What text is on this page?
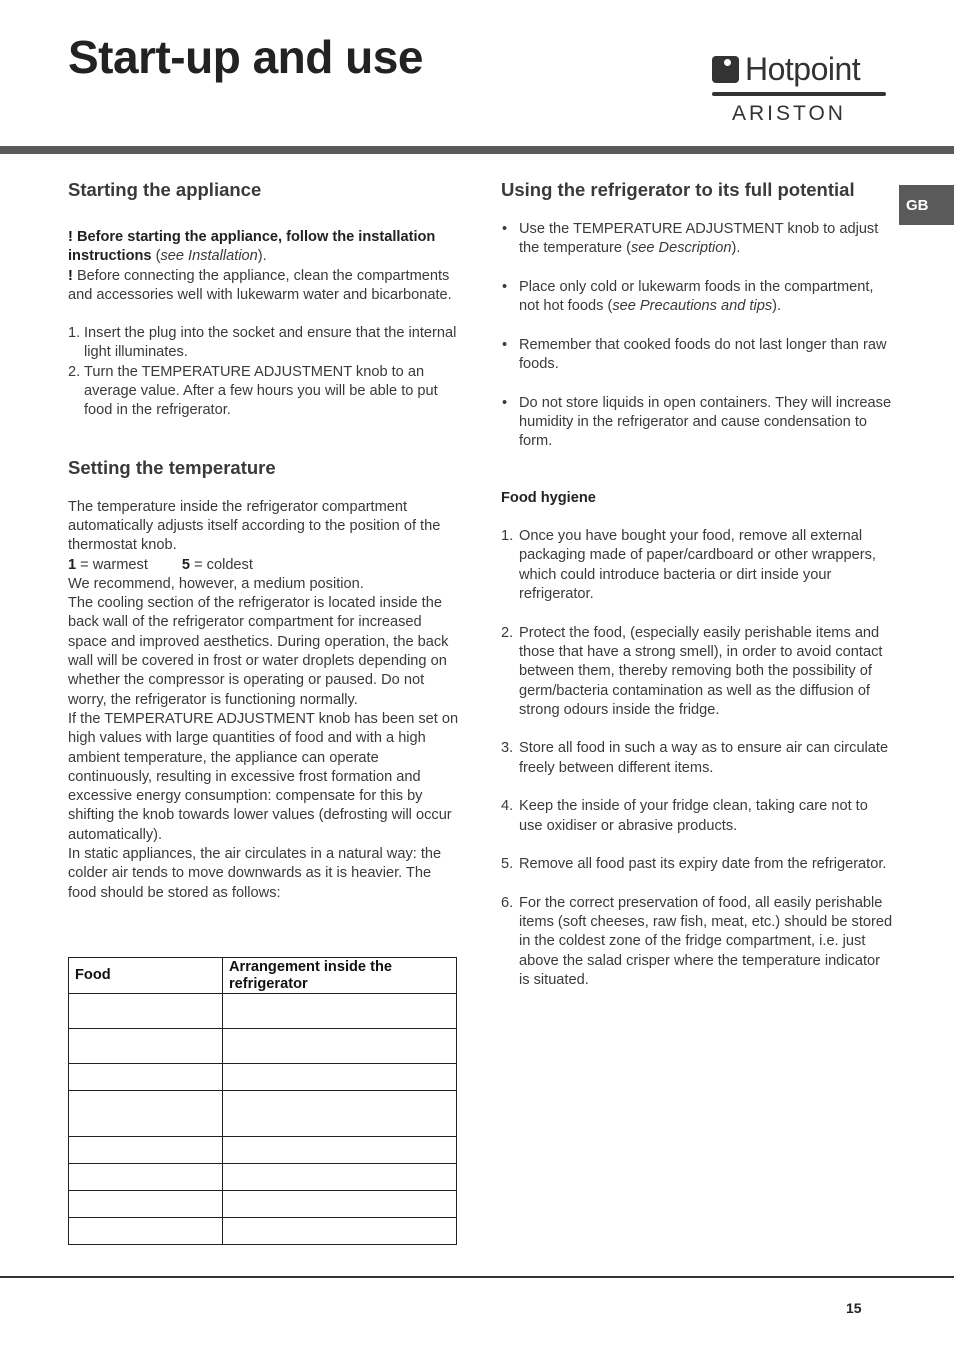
Start-up and use	Hotpoint
ARISTON
GB
Starting the appliance

! Before starting the appliance, follow the installation instructions (see Installation).

! Before connecting the appliance, clean the compartments and accessories well with lukewarm water and bicarbonate.

1. Insert the plug into the socket and ensure that the internal light illuminates.
2. Turn the TEMPERATURE ADJUSTMENT knob to an average value. After a few hours you will be able to put food in the refrigerator.
Setting the temperature

The temperature inside the refrigerator compartment automatically adjusts itself according to the position of the thermostat knob.

1 = warmest 5 = coldest

We recommend, however, a medium position.

The cooling section of the refrigerator is located inside the back wall of the refrigerator compartment for increased space and improved aesthetics. During operation, the back wall will be covered in frost or water droplets depending on whether the compressor is operating or paused. Do not worry, the refrigerator is functioning normally.

If the TEMPERATURE ADJUSTMENT knob has been set on high values with large quantities of food and with a high ambient temperature, the appliance can operate continuously, resulting in excessive frost formation and excessive energy consumption: compensate for this by shifting the knob towards lower values (defrosting will occur automatically).

In static appliances, the air circulates in a natural way: the colder air tends to move downwards as it is heavier. The food should be stored as follows:

Food	Arrangement inside the refrigerator

Using the refrigerator to its full potential
• Use the TEMPERATURE ADJUSTMENT knob to adjust the temperature (see Description).
• Place only cold or lukewarm foods in the compartment, not hot foods (see Precautions and tips).
• Remember that cooked foods do not last longer than raw foods.
• Do not store liquids in open containers. They will increase humidity in the refrigerator and cause condensation to form.
Food hygiene
1. Once you have bought your food, remove all external packaging made of paper/cardboard or other wrappers, which could introduce bacteria or dirt inside your refrigerator.
2. Protect the food, (especially easily perishable items and those that have a strong smell), in order to avoid contact between them, thereby removing both the possibility of germ/bacteria contamination as well as the diffusion of strong odours inside the fridge.
3. Store all food in such a way as to ensure air can circulate freely between different items.
4. Keep the inside of your fridge clean, taking care not to use oxidiser or abrasive products.
5. Remove all food past its expiry date from the refrigerator.
6. For the correct preservation of food, all easily perishable items (soft cheeses, raw fish, meat, etc.) should be stored in the coldest zone of the fridge compartment, i.e. just above the salad crisper where the temperature indicator is situated.
15
